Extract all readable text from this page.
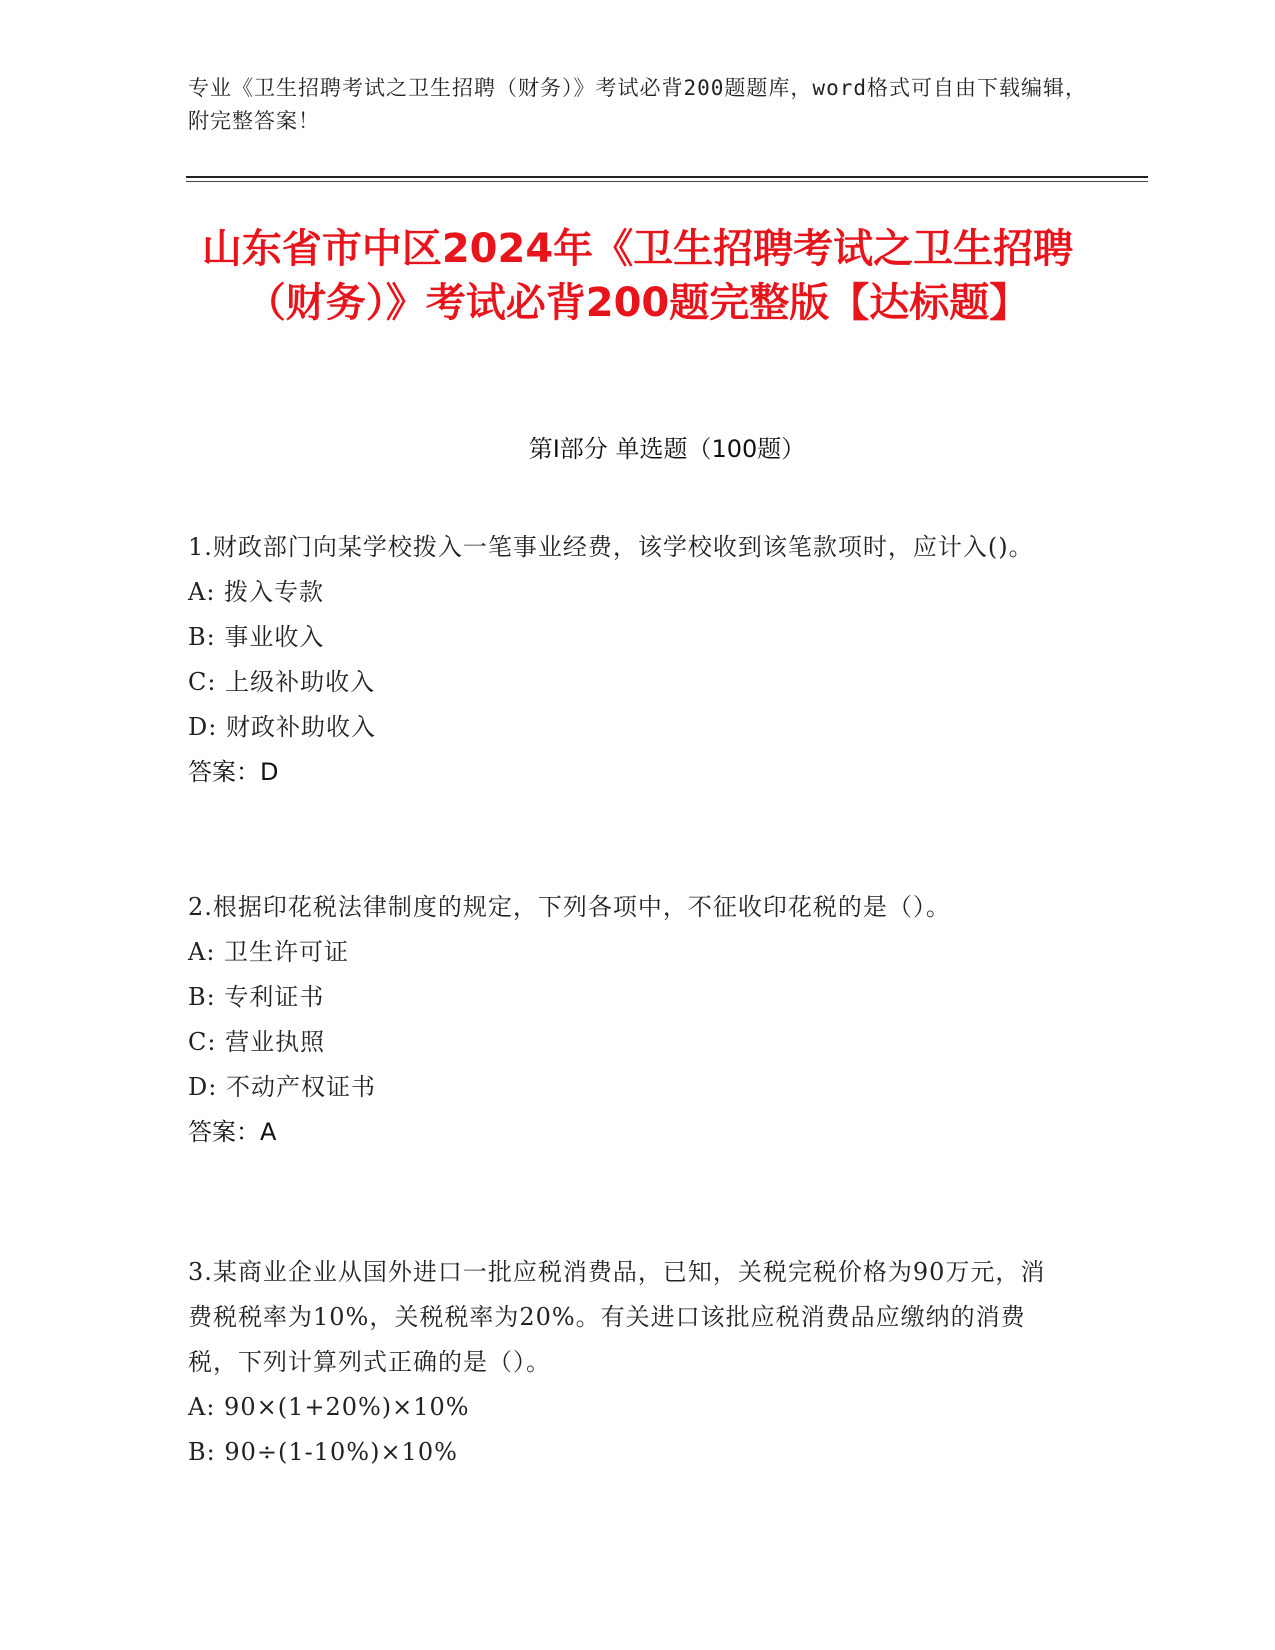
专业《卫生招聘考试之卫生招聘（财务）》考试必背200题题库，word格式可自由下载编辑，附完整答案！
山东省市中区2024年《卫生招聘考试之卫生招聘（财务）》考试必背200题完整版【达标题】
第Ⅰ部分 单选题（100题）
1.财政部门向某学校拨入一笔事业经费，该学校收到该笔款项时，应计入()。
A: 拨入专款
B: 事业收入
C: 上级补助收入
D: 财政补助收入
答案：D
2.根据印花税法律制度的规定，下列各项中，不征收印花税的是（）。
A: 卫生许可证
B: 专利证书
C: 营业执照
D: 不动产权证书
答案：A
3.某商业企业从国外进口一批应税消费品，已知，关税完税价格为90万元，消费税税率为10%，关税税率为20%。有关进口该批应税消费品应缴纳的消费税，下列计算列式正确的是（）。
A: 90×(1+20%)×10%
B: 90÷(1-10%)×10%
